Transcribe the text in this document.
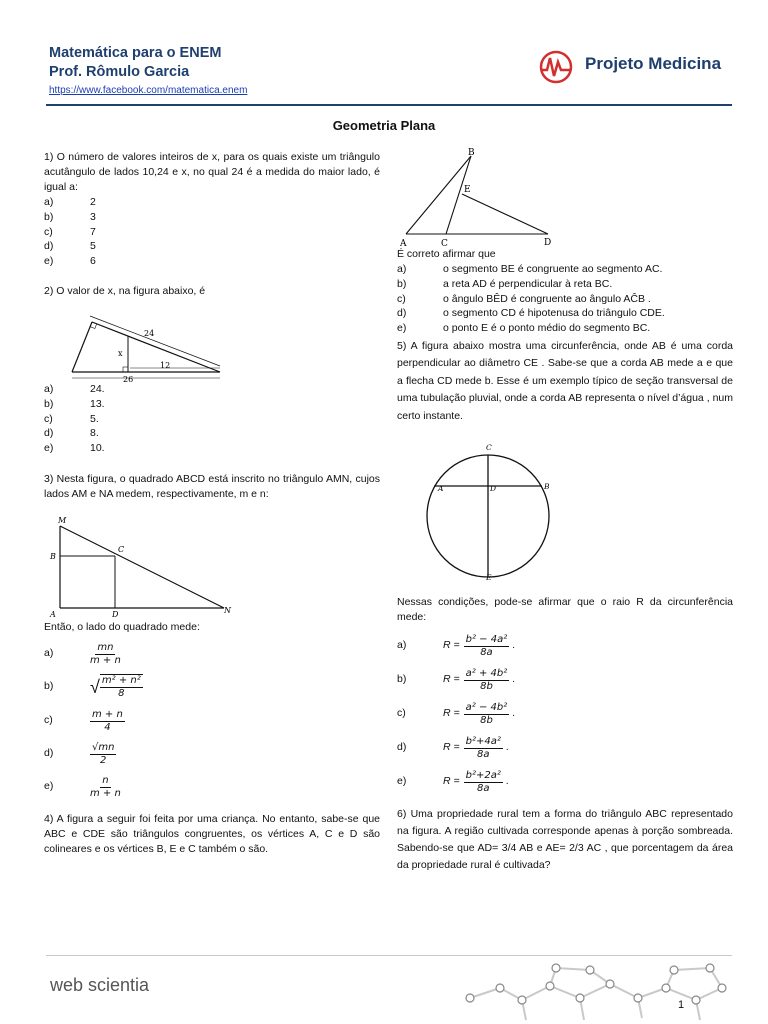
Matemática para o ENEM
Prof. Rômulo Garcia
https://www.facebook.com/matematica.enem
Projeto Medicina
Geometria Plana
1) O número de valores inteiros de x, para os quais existe um triângulo acutângulo de lados 10,24 e x, no qual 24 é a medida do maior lado, é igual a:
a)	2
b)	3
c)	7
d)	5
e)	6
2) O valor de x, na figura abaixo, é
24
x
12
26
a)	24.
b)	13.
c)	5.
d)	8.
e)	10.
3) Nesta figura, o quadrado ABCD está inscrito no triângulo AMN, cujos lados AM e NA medem, respectivamente, m e n:
M
B
C
A	D	N
Então, o lado do quadrado mede:
a)	$\frac{mn}{m + n}$
b)	√ $\frac{\text{m² + n²}}{8}$
c)	$\frac{m + n}{4}$
d)	$\frac{√mn}{2}$
e)	$\frac{n}{m + n}$
4) A figura a seguir foi feita por uma criança. No entanto, sabe-se que ABC e CDE são triângulos congruentes, os vértices A, C e D são colineares e os vértices B, E e C também o são.
B
E
A	C	D
É correto afirmar que
a)	o segmento BE é congruente ao segmento AC.
b)	a reta AD é perpendicular à reta BC.
c)	o ângulo BÊD é congruente ao ângulo AĈB .
d)	o segmento CD é hipotenusa do triângulo CDE.
e)	o ponto E é o ponto médio do segmento BC.
5) A figura abaixo mostra uma circunferência, onde AB é uma corda perpendicular ao diâmetro CE . Sabe-se que a corda AB mede a e que a flecha CD mede b. Esse é um exemplo típico de seção transversal de uma tubulação pluvial, onde a corda AB representa o nível d’água , num certo instante.
C
A	D	B
E
Nessas condições, pode-se afirmar que o raio R da circunferência mede:
a)	$R = \frac{\text{b² − 4a²}}{8a}$ .
b)	$R = \frac{\text{a² + 4b²}}{8b}$ .
c)	$R = \frac{\text{a² − 4b²}}{8b}$ .
d)	$R = \frac{\text{b²+4a²}}{8a}$ .
e)	$R = \frac{\text{b²+2a²}}{8a}$ .
6) Uma propriedade rural tem a forma do triângulo ABC representado na figura. A região cultivada corresponde apenas à porção sombreada. Sabendo-se que AD= 3/4 AB e AE= 2/3 AC , que porcentagem da área da propriedade rural é cultivada?
web scientia
1
